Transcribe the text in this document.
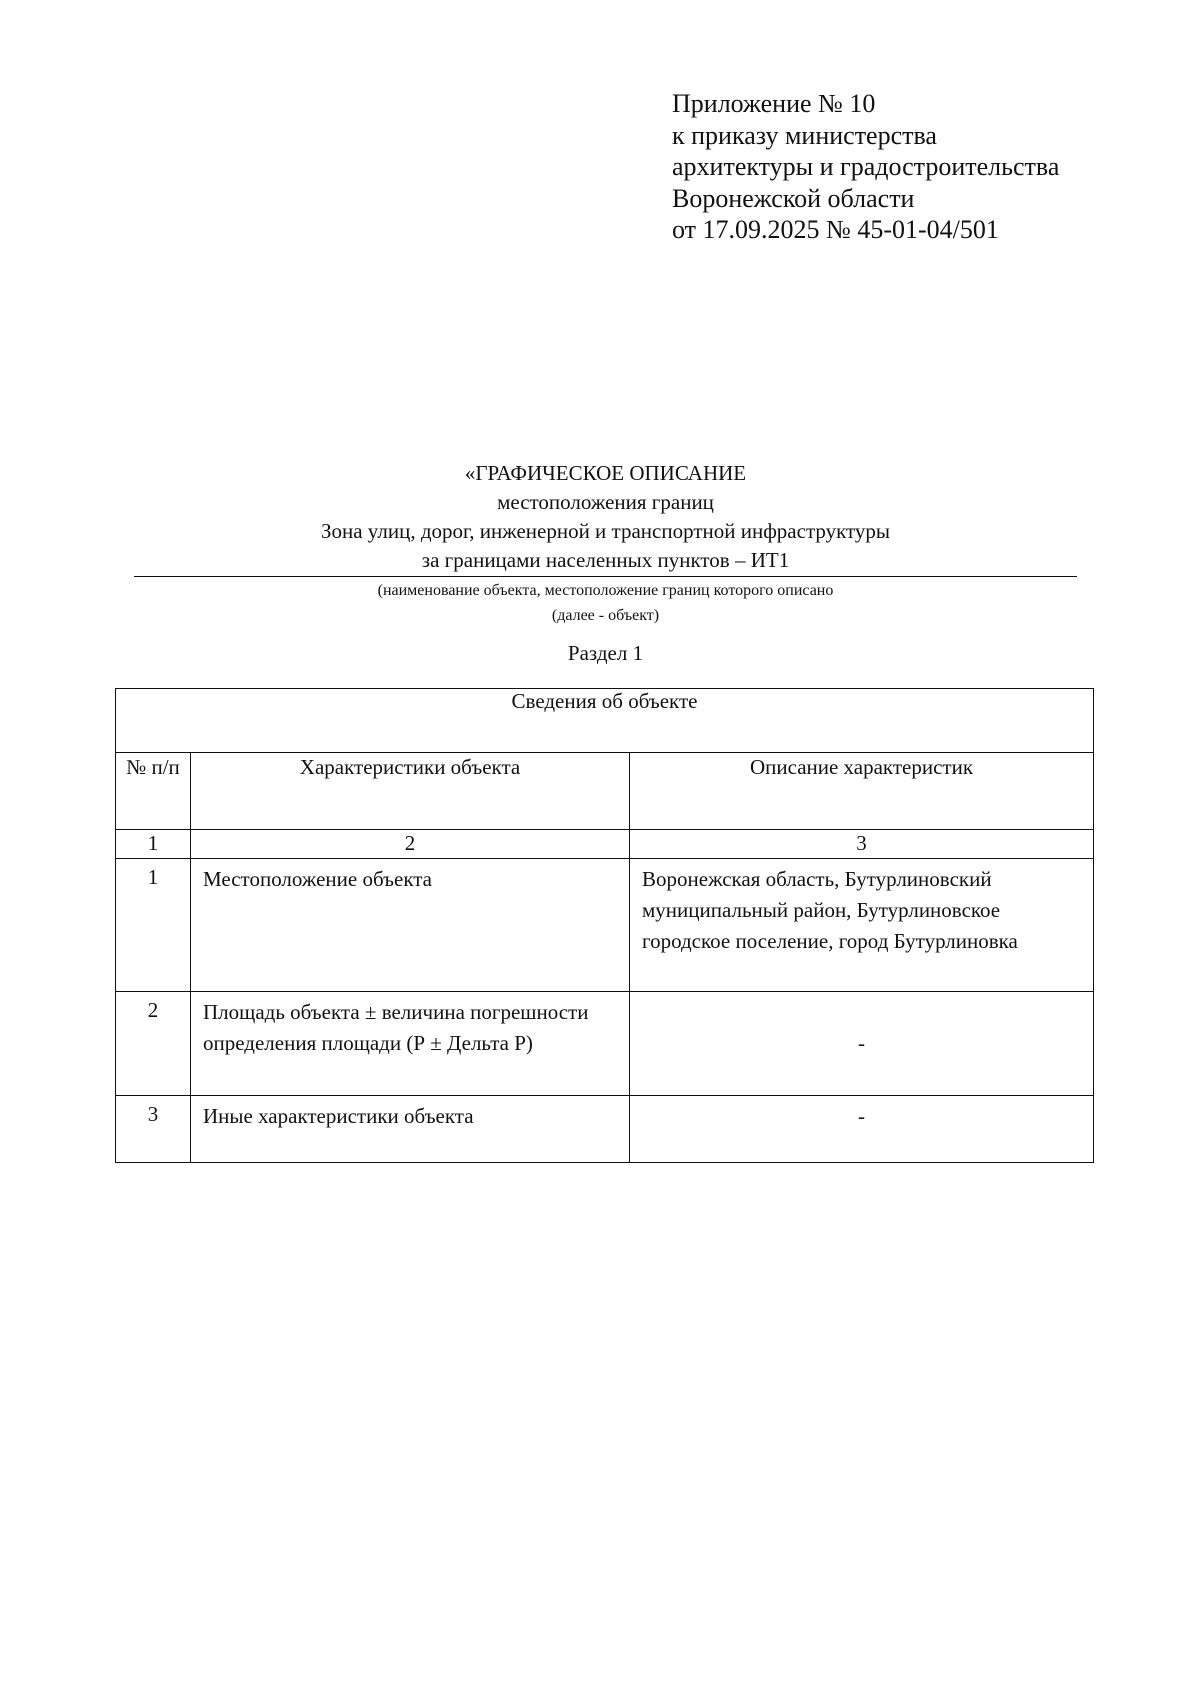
Приложение № 10
к приказу министерства
архитектуры и градостроительства
Воронежской области
от 17.09.2025 № 45-01-04/501
«ГРАФИЧЕСКОЕ ОПИСАНИЕ
местоположения границ
Зона улиц, дорог, инженерной и транспортной инфраструктуры
за границами населенных пунктов – ИТ1
(наименование объекта, местоположение границ которого описано
(далее - объект)
Раздел 1
Сведения об объекте		
№ п/п	Характеристики объекта	Описание характеристик
1	2	3
1	Местоположение объекта	Воронежская область, Бутурлиновский муниципальный район, Бутурлиновское городское поселение, город Бутурлиновка
2	Площадь объекта ± величина погрешности определения площади (Р ± Дельта Р)	-
3	Иные характеристики объекта	-
